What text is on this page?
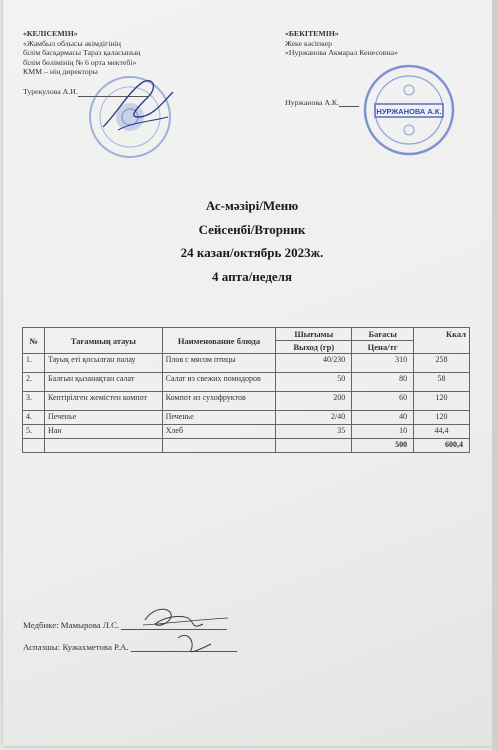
«КЕЛІСЕМІН»
«Жамбыл облысы әкімдігінің
білім басқармасы Тараз қаласының
білім бөлімінің № 6 орта мектебі»
КММ – нің директоры
Турекулова А.И.
«БЕКІТЕМІН»
Жеке кәсіпкер
«Нуржанова Акмарал Кенесовна»
Нуржанова А.К.
НУРЖАНОВА А.К.
Ас-мәзірі/Меню
Сейсенбі/Вторник
24 казан/октябрь 2023ж.
4 апта/неделя
№	Тағамның атауы	Наименование блюда	Шығымы	Бағасы	Ккал
			Выход (гр)	Цена/тг	
1.	Тауық еті қосылған палау	Плов с мясом птицы	40/230	310	258
2.	Балғын қызанақтан салат	Салат из свежих помидоров	50	80	58
3.	Кептірілген жемістен компот	Компот из сухофруктов	200	60	120
4.	Печенье	Печенье	2/40	40	120
5.	Нан	Хлеб	35	10	44,4
				500	600,4
Медбике: Мамырова Л.С.
Аспазшы: Кужахметова Р.А.
